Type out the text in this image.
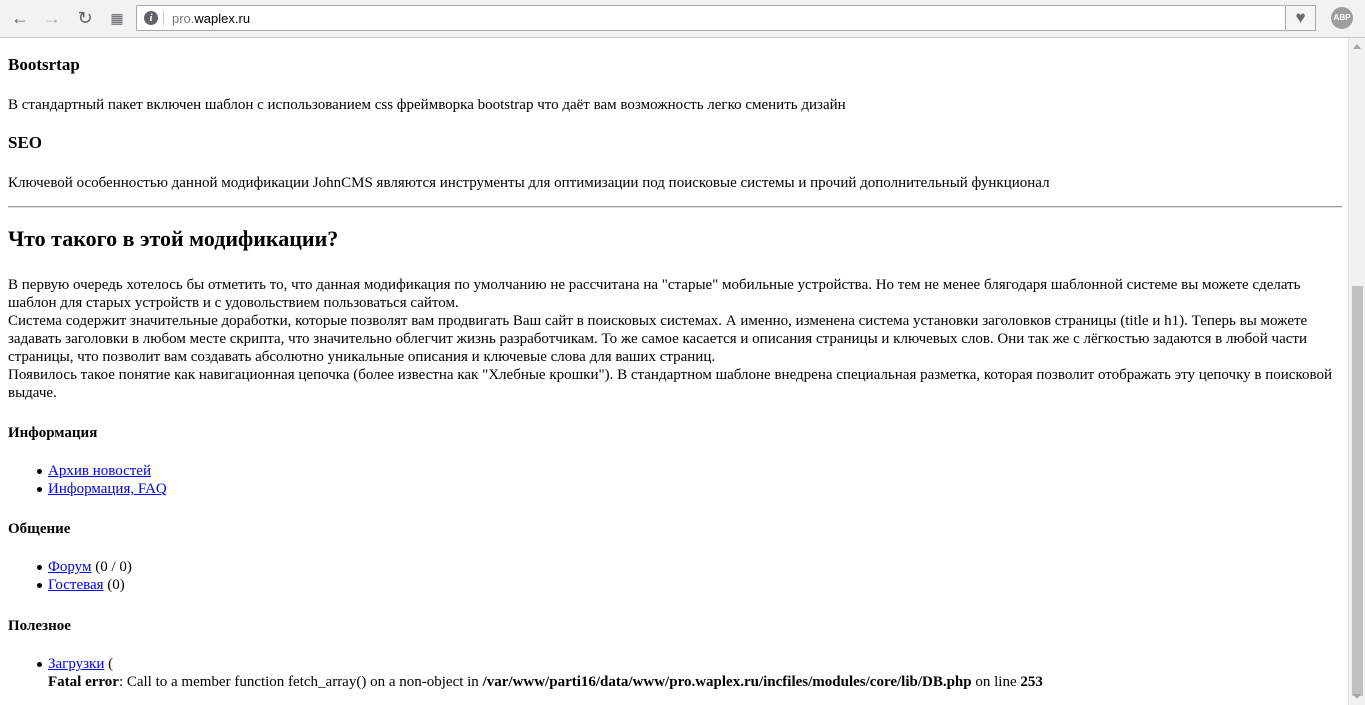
← → ↻	▦	i	pro.waplex.ru	♥	ABP
Bootsrtap

В стандартный пакет включен шаблон с использованием css фреймворка bootstrap что даёт вам возможность легко сменить дизайн

SEO

Ключевой особенностью данной модификации JohnCMS являются инструменты для оптимизации под поисковые системы и прочий дополнительный функционал

Что такого в этой модификации?

В первую очередь хотелось бы отметить то, что данная модификация по умолчанию не рассчитана на "старые" мобильные устройства. Но тем не менее блягодаря шаблонной системе вы можете сделать шаблон для старых устройств и с удовольствием пользоваться сайтом.

Система содержит значительные доработки, которые позволят вам продвигать Ваш сайт в поисковых системах. А именно, изменена система установки заголовков страницы (title и h1). Теперь вы можете задавать заголовки в любом месте скрипта, что значительно облегчит жизнь разработчикам. То же самое касается и описания страницы и ключевых слов. Они так же с лёгкостью задаются в любой части страницы, что позволит вам создавать абсолютно уникальные описания и ключевые слова для ваших страниц.

Появилось такое понятие как навигационная цепочка (более известна как "Хлебные крошки"). В стандартном шаблоне внедрена специальная разметка, которая позволит отображать эту цепочку в поисковой выдаче.

Информация
Архив новостей
Информация, FAQ
Общение
Форум (0 / 0)
Гостевая (0)
Полезное
Загрузки (
Fatal error: Call to a member function fetch_array() on a non-object in /var/www/parti16/data/www/pro.waplex.ru/incfiles/modules/core/lib/DB.php on line 253
